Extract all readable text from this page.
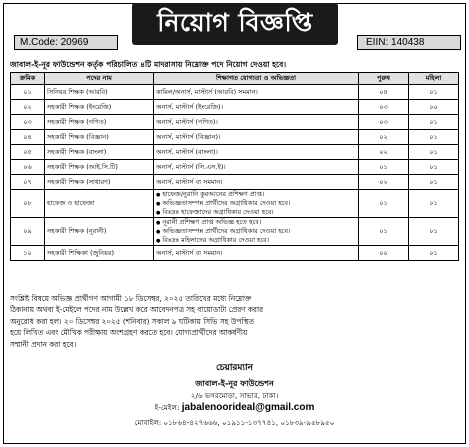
নিয়োগ বিজ্ঞপ্তি
M.Code: 20969	EIIN: 140438
জাবাল-ই-নূর ফাউন্ডেশন কর্তৃক পরিচালিত ৪টি মাদরাসায় নিম্নোক্ত পদে নিয়োগ দেওয়া হবে।
ক্রমিক	পদের নাম	শিক্ষাগত যোগ্যতা ও অভিজ্ঞতা	পুরুষ	মহিলা
০১	সিনিয়র শিক্ষক (আরবি)	কামিল/অনার্স, মাস্টার্স (আরবি) সমমান।	০৪	০১
০২	সহকারী শিক্ষক (ইংরেজি)	অনার্স, মাস্টার্স (ইংরেজি)।	০৩	০০
০৩	সহকারী শিক্ষক (গণিত)	অনার্স, মাস্টার্স (গণিত)।	০৩	০১
০৪	সহকারী শিক্ষক (বিজ্ঞান)	অনার্স, মাস্টার্স (বিজ্ঞান)।	০২	০১
০৫	সহকারী শিক্ষক (বাংলা)	অনার্স, মাস্টার্স (বাংলা)।	০২	০১
০৬	সহকারী শিক্ষক (আই.সি.টি)	অনার্স, মাস্টার্স (সি.এস.ই)।	০১	০১
০৭	সহকারী শিক্ষক (সাধারণ)	অনার্স, মাস্টার্স বা সমমান।	০২	০১
০৮	হাফেজ ও হাফেজা	● হাফেজ/নুরানি কুরআনের প্রশিক্ষণ প্রাপ্ত।
● অভিজ্ঞতাসম্পন্ন প্রার্থীদের অগ্রাধিকার দেওয়া হবে।
● বিঃদ্রঃ হাফেজাদের অগ্রাধিকার দেওয়া হবে।	০১	০১
০৯	সহকারী শিক্ষক (নূরানী)	● নূরানী প্রশিক্ষণ প্রাপ্ত অভিজ্ঞ হতে হবে।
● অভিজ্ঞতাসম্পন্ন প্রার্থীদের অগ্রাধিকার দেওয়া হবে।
● বিঃদ্রঃ মহিলাদের অগ্রাধিকার দেওয়া হবে।	০১	০১
১০	সহকারী শিক্ষিকা (জুনিয়র)	অনার্স, মাস্টার্স বা সমমান।	০০	০১
সংশ্লিষ্ট বিষয়ে অভিজ্ঞ প্রার্থীগণ আগামী ১৮ ডিসেম্বর, ২০২৫ তারিখের মধ্যে নিম্নোক্ত
ঠিকানায় অথবা ই-মেইলে পদের নাম উল্লেখ করে আবেদনপত্র সহ বায়োডাটা প্রেরণ করার
অনুরোধ করা হল। ২০ ডিসেম্বর ২০২৫ (শনিবার) সকাল ৯ ঘটিকায় সিভি সহ উপস্থিত
হয়ে লিখিত এবং মৌখিক পরীক্ষায় অংশগ্রহণ করতে হবে। যোগ্যপ্রার্থীদের আকর্ষণীয়
সম্মানী প্রদান করা হবে।
চেয়ারম্যান
জাবাল-ই-নূর ফাউন্ডেশন
২/৬ ভগরমোড়া, সাভার, ঢাকা।
ই-মেইল: jabalenoorideal@gmail.com
মোবাইল: ০১৮৬৪-৪২৭৬৬৬, ০১৯১১-১৩৭৭৪১, ০১৮৩৯-৯৫৮৯৫০
